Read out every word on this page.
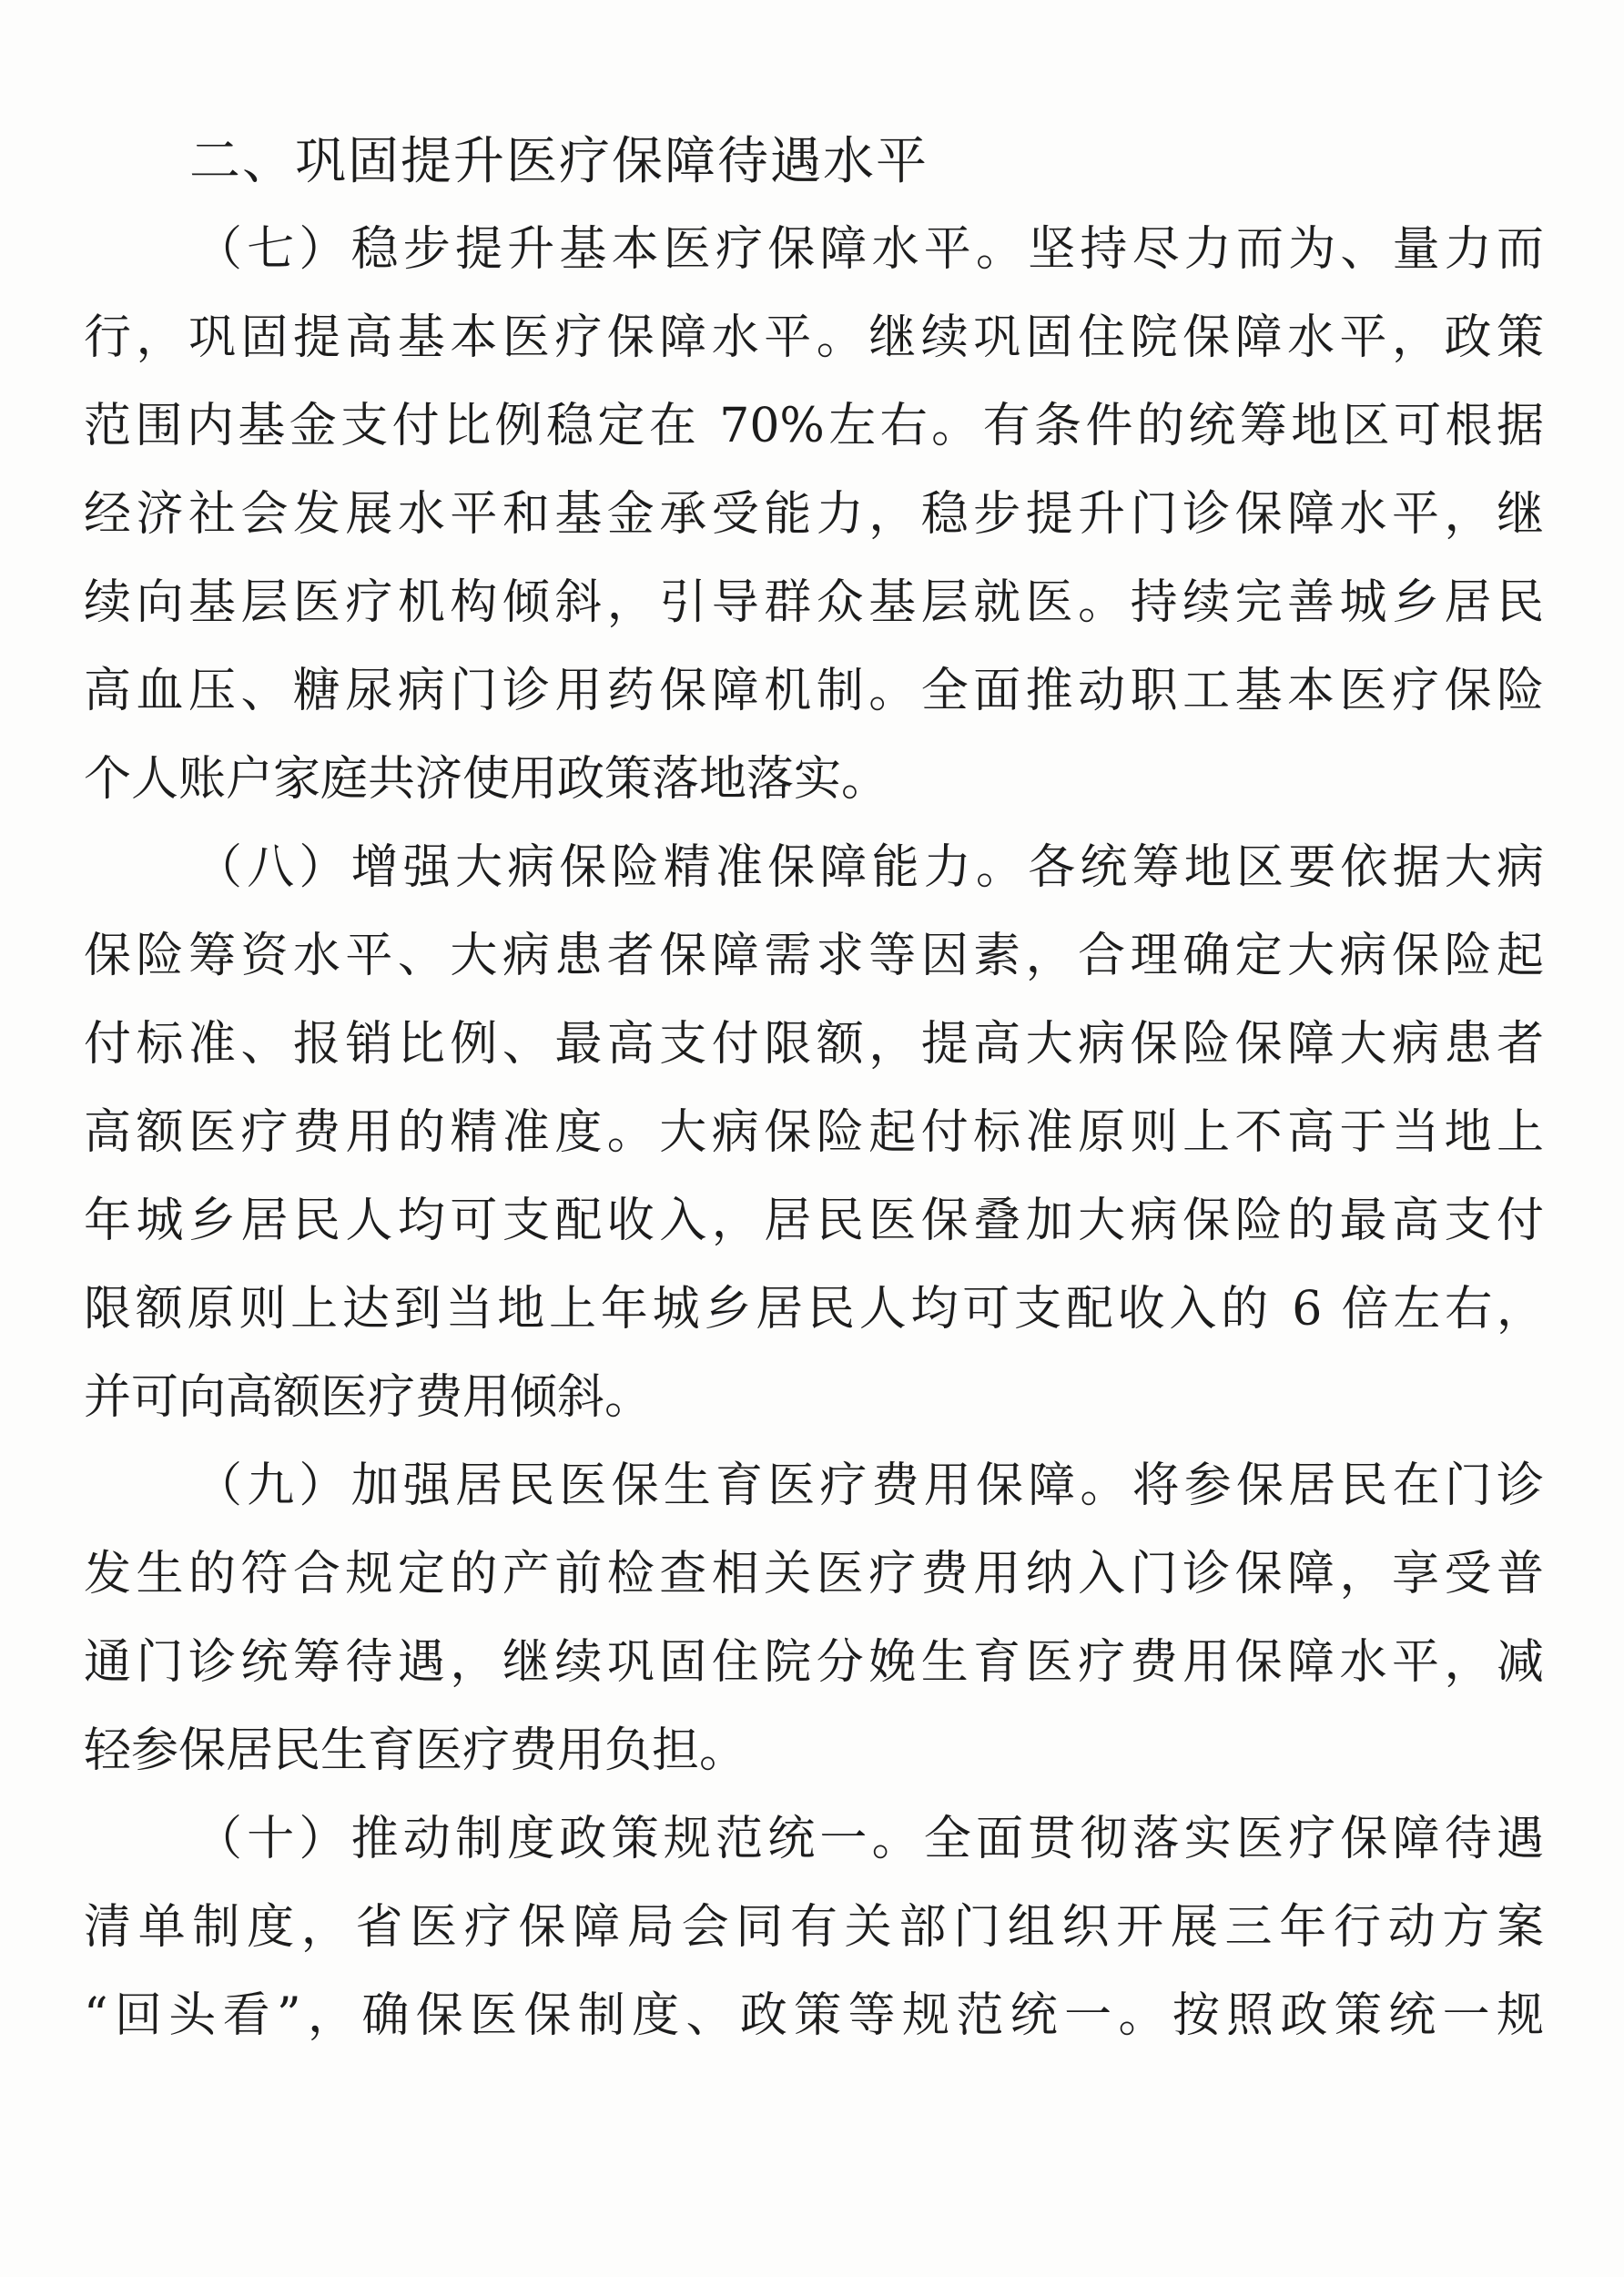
二、巩固提升医疗保障待遇水平
（七）稳步提升基本医疗保障水平。坚持尽力而为、量力而
行，巩固提高基本医疗保障水平。继续巩固住院保障水平，政策
范围内基金支付比例稳定在 70%左右。有条件的统筹地区可根据
经济社会发展水平和基金承受能力，稳步提升门诊保障水平，继
续向基层医疗机构倾斜，引导群众基层就医。持续完善城乡居民
高血压、糖尿病门诊用药保障机制。全面推动职工基本医疗保险
个人账户家庭共济使用政策落地落实。
（八）增强大病保险精准保障能力。各统筹地区要依据大病
保险筹资水平、大病患者保障需求等因素，合理确定大病保险起
付标准、报销比例、最高支付限额，提高大病保险保障大病患者
高额医疗费用的精准度。大病保险起付标准原则上不高于当地上
年城乡居民人均可支配收入，居民医保叠加大病保险的最高支付
限额原则上达到当地上年城乡居民人均可支配收入的 6 倍左右，
并可向高额医疗费用倾斜。
（九）加强居民医保生育医疗费用保障。将参保居民在门诊
发生的符合规定的产前检查相关医疗费用纳入门诊保障，享受普
通门诊统筹待遇，继续巩固住院分娩生育医疗费用保障水平，减
轻参保居民生育医疗费用负担。
（十）推动制度政策规范统一。全面贯彻落实医疗保障待遇
清单制度，省医疗保障局会同有关部门组织开展三年行动方案
“回头看”，确保医保制度、政策等规范统一。按照政策统一规
